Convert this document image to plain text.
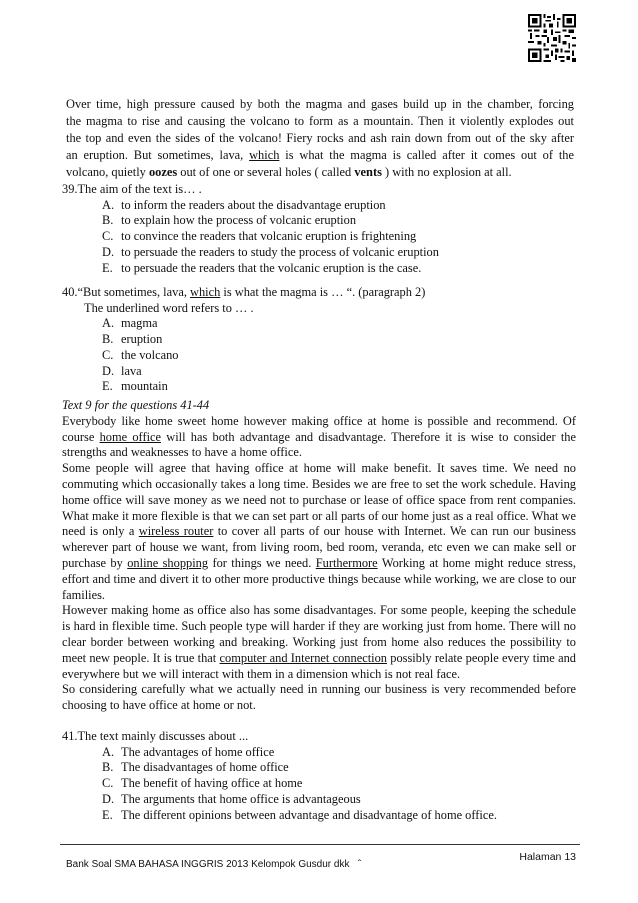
Over time, high pressure caused by both the magma and gases build up in the chamber, forcing
the magma to rise and causing the volcano to form as a mountain. Then it violently explodes out
the top and even the sides of the volcano! Fiery rocks and ash rain down from out of the sky after
an eruption. But sometimes, lava, which is what the magma is called after it comes out of the
volcano, quietly oozes out of one or several holes ( called vents ) with no explosion at all.
39.The aim of the text is… .
A. to inform the readers about the disadvantage eruption
B. to explain how the process of volcanic eruption
C. to convince the readers that volcanic eruption is frightening
D. to persuade the readers to study the process of volcanic eruption
E. to persuade the readers that the volcanic eruption is the case.
40.“But sometimes, lava, which is what the magma is … “. (paragraph 2)
The underlined word refers to … .
A. magma
B. eruption
C. the volcano
D. lava
E. mountain
Text 9 for the questions 41-44
Everybody like home sweet home however making office at home is possible and recommend. Of course home office will has both advantage and disadvantage. Therefore it is wise to consider the strengths and weaknesses to have a home office.
Some people will agree that having office at home will make benefit. It saves time. We need no commuting which occasionally takes a long time. Besides we are free to set the work schedule. Having home office will save money as we need not to purchase or lease of office space from rent companies. What make it more flexible is that we can set part or all parts of our home just as a real office. What we need is only a wireless router to cover all parts of our house with Internet. We can run our business wherever part of house we want, from living room, bed room, veranda, etc even we can make sell or purchase by online shopping for things we need. Furthermore Working at home might reduce stress, effort and time and divert it to other more productive things because while working, we are close to our families.
However making home as office also has some disadvantages. For some people, keeping the schedule is hard in flexible time. Such people type will harder if they are working just from home. There will no clear border between working and breaking. Working just from home also reduces the possibility to meet new people. It is true that computer and Internet connection possibly relate people every time and everywhere but we will interact with them in a dimension which is not real face.
So considering carefully what we actually need in running our business is very recommended before choosing to have office at home or not.
41.The text mainly discusses about ...
A. The advantages of home office
B. The disadvantages of home office
C. The benefit of having office at home
D. The arguments that home office is advantageous
E. The different opinions between advantage and disadvantage of home office.
Bank Soal SMA BAHASA INGGRIS 2013 Kelompok Gusdur dkk ˆ
Halaman 13
